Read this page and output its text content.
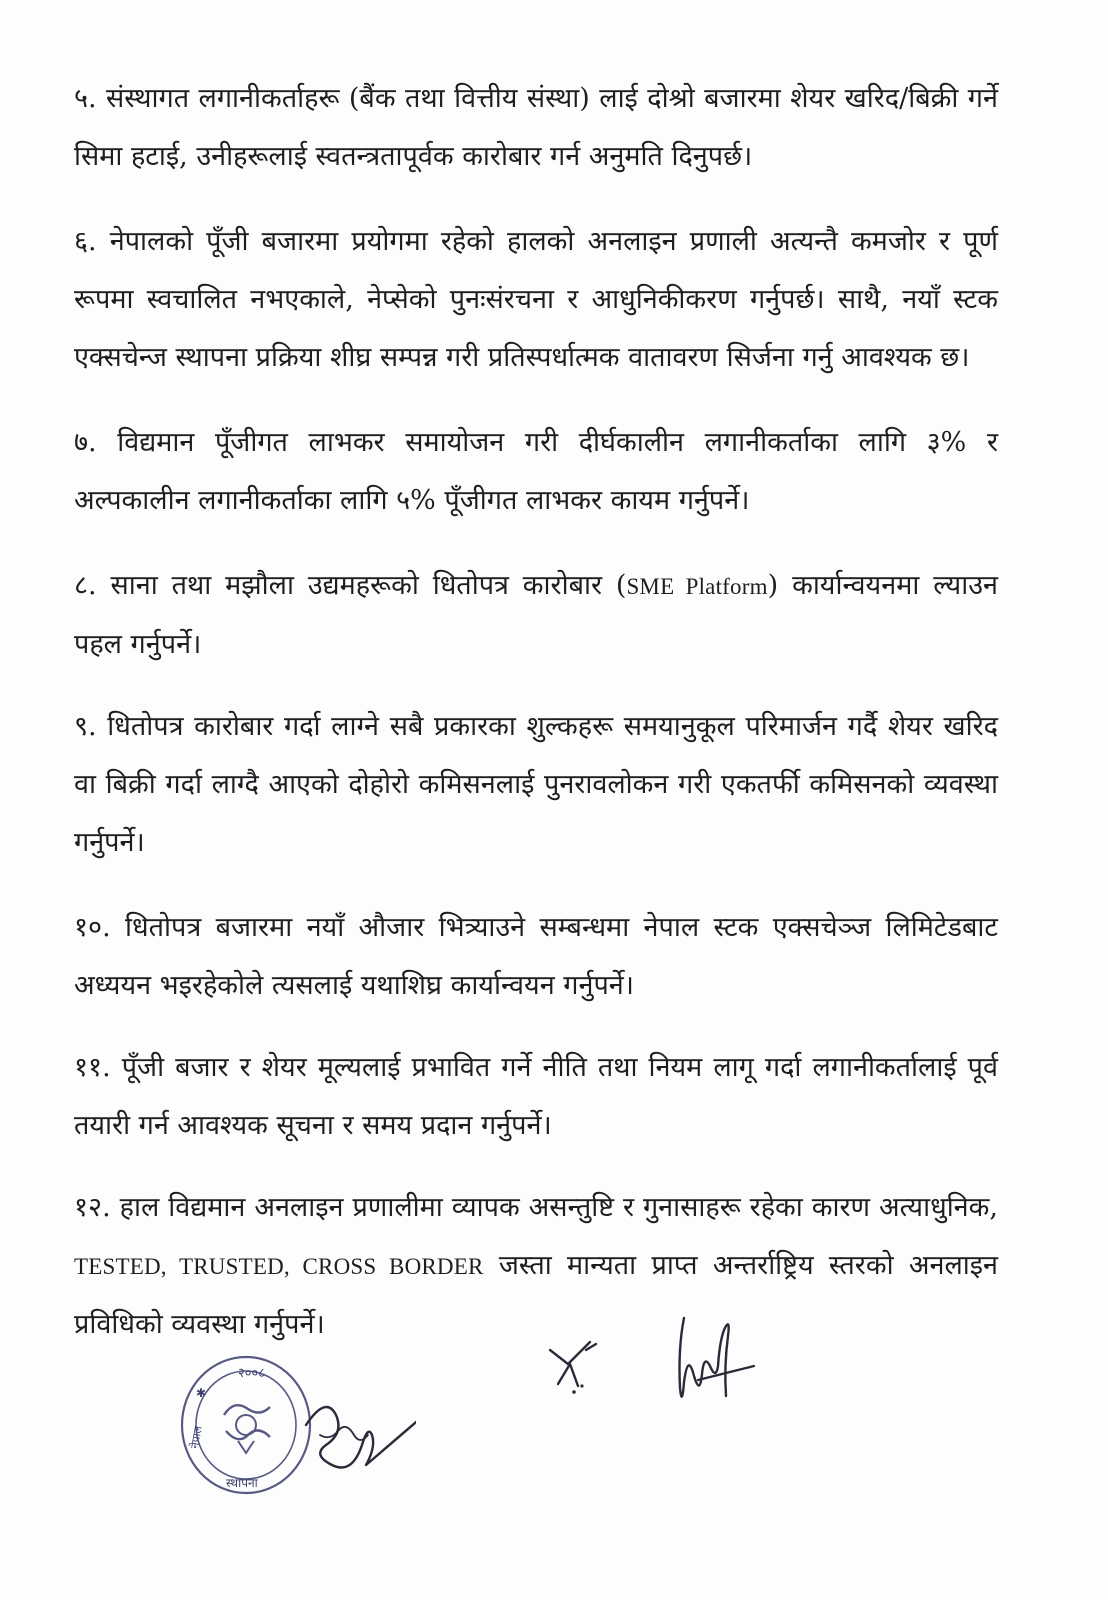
५. संस्थागत लगानीकर्ताहरू (बैंक तथा वित्तीय संस्था) लाई दोश्रो बजारमा शेयर खरिद/बिक्री गर्ने सिमा हटाई, उनीहरूलाई स्वतन्त्रतापूर्वक कारोबार गर्न अनुमति दिनुपर्छ।

६. नेपालको पूँजी बजारमा प्रयोगमा रहेको हालको अनलाइन प्रणाली अत्यन्तै कमजोर र पूर्ण रूपमा स्वचालित नभएकाले, नेप्सेको पुनःसंरचना र आधुनिकीकरण गर्नुपर्छ। साथै, नयाँ स्टक एक्सचेन्ज स्थापना प्रक्रिया शीघ्र सम्पन्न गरी प्रतिस्पर्धात्मक वातावरण सिर्जना गर्नु आवश्यक छ।

७. विद्यमान पूँजीगत लाभकर समायोजन गरी दीर्घकालीन लगानीकर्ताका लागि ३% र अल्पकालीन लगानीकर्ताका लागि ५% पूँजीगत लाभकर कायम गर्नुपर्ने।

८. साना तथा मझौला उद्यमहरूको धितोपत्र कारोबार (SME Platform) कार्यान्वयनमा ल्याउन पहल गर्नुपर्ने।

९. धितोपत्र कारोबार गर्दा लाग्ने सबै प्रकारका शुल्कहरू समयानुकूल परिमार्जन गर्दै शेयर खरिद वा बिक्री गर्दा लाग्दै आएको दोहोरो कमिसनलाई पुनरावलोकन गरी एकतर्फी कमिसनको व्यवस्था गर्नुपर्ने।

१०. धितोपत्र बजारमा नयाँ औजार भित्र्याउने सम्बन्धमा नेपाल स्टक एक्सचेञ्ज लिमिटेडबाट अध्ययन भइरहेकोले त्यसलाई यथाशिघ्र कार्यान्वयन गर्नुपर्ने।

११. पूँजी बजार र शेयर मूल्यलाई प्रभावित गर्ने नीति तथा नियम लागू गर्दा लगानीकर्तालाई पूर्व तयारी गर्न आवश्यक सूचना र समय प्रदान गर्नुपर्ने।

१२. हाल विद्यमान अनलाइन प्रणालीमा व्यापक असन्तुष्टि र गुनासाहरू रहेका कारण अत्याधुनिक, TESTED, TRUSTED, CROSS BORDER जस्ता मान्यता प्राप्त अन्तर्राष्ट्रिय स्तरको अनलाइन प्रविधिको व्यवस्था गर्नुपर्ने।

२००८
नेपाल
स्थापना
✱
